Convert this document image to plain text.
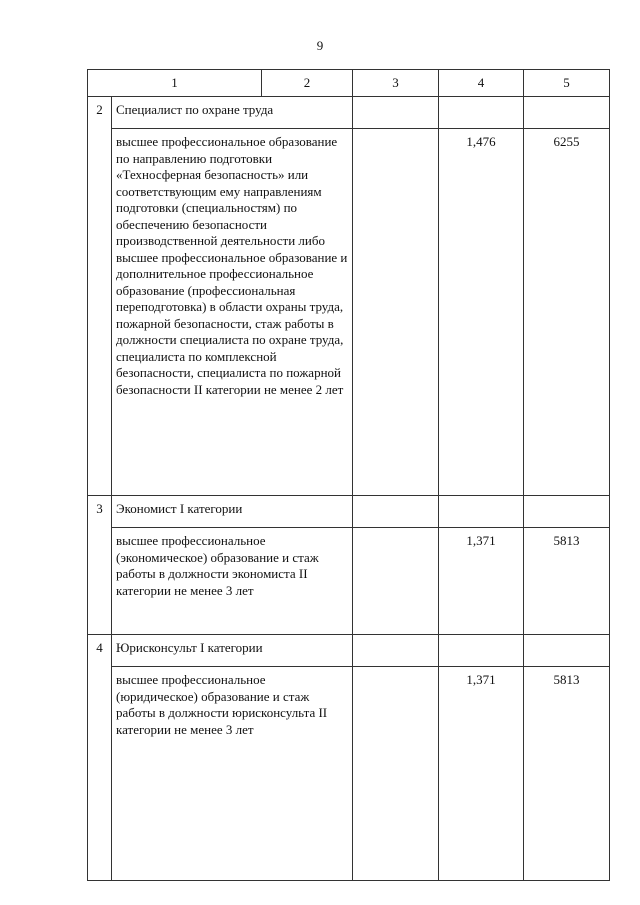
9
1		2	3	4	5
2	Специалист по охране труда				
	высшее профессиональное образование по направлению подготовки «Техносферная безопасность» или соответствующим ему направлениям подготовки (специальностям) по обеспечению безопасности производственной деятельности либо высшее профессиональное образование и дополнительное профессиональное образование (профессиональная переподготовка) в области охраны труда, пожарной безопасности, стаж работы в должности специалиста по охране труда, специалиста по комплексной безопасности, специалиста по пожарной безопасности II категории не менее 2 лет			1,476	6255
3	Экономист I категории				
	высшее профессиональное (экономическое) образование и стаж работы в должности экономиста II категории не менее 3 лет			1,371	5813
4	Юрисконсульт I категории				
	высшее профессиональное (юридическое) образование и стаж работы в должности юрисконсульта II категории не менее 3 лет			1,371	5813
